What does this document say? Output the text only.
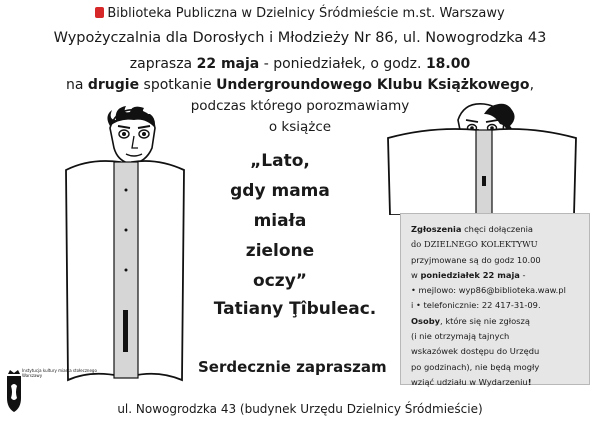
Biblioteka Publiczna w Dzielnicy Śródmieście m.st. Warszawy
Wypożyczalnia dla Dorosłych i Młodzieży Nr 86, ul. Nowogrodzka 43
zaprasza 22 maja - poniedziałek, o godz. 18.00
na drugie spotkanie Undergroundowego Klubu Książkowego,
podczas którego porozmawiamy
o książce
„Lato,
gdy mama
miała
zielone
oczy”
Tatiany Ţîbuleac.
Serdecznie zapraszam

Zgłoszenia chęci dołączenia

do DZIELNEGO KOLEKTYWU

przyjmowane są do godz 10.00

w poniedziałek 22 maja -

• mejlowo: wyp86@biblioteka.waw.pl

i • telefonicznie: 22 417-31-09.

Osoby, które się nie zgłoszą

(i nie otrzymają tajnych

wskazówek dostępu do Urzędu

po godzinach), nie będą mogły

wziąć udziału w Wydarzeniu!

Instytucja kultury miasta stołecznego Warszawy
ul. Nowogrodzka 43 (budynek Urzędu Dzielnicy Śródmieście)
